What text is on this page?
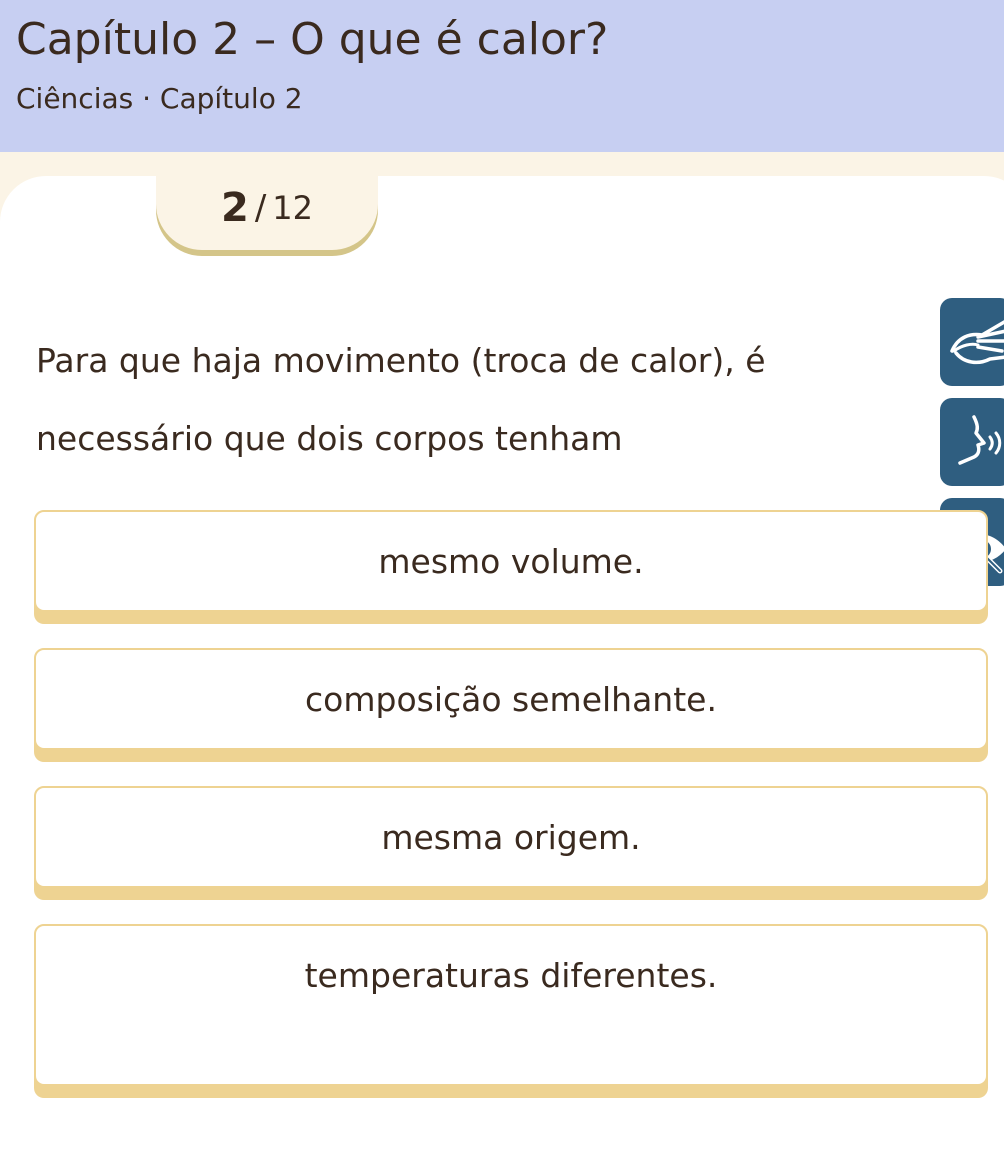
Capítulo 2 – O que é calor?
Ciências · Capítulo 2
2 / 12
Para que haja movimento (troca de calor), é
necessário que dois corpos tenham
mesmo volume.
composição semelhante.
mesma origem.
temperaturas diferentes.
